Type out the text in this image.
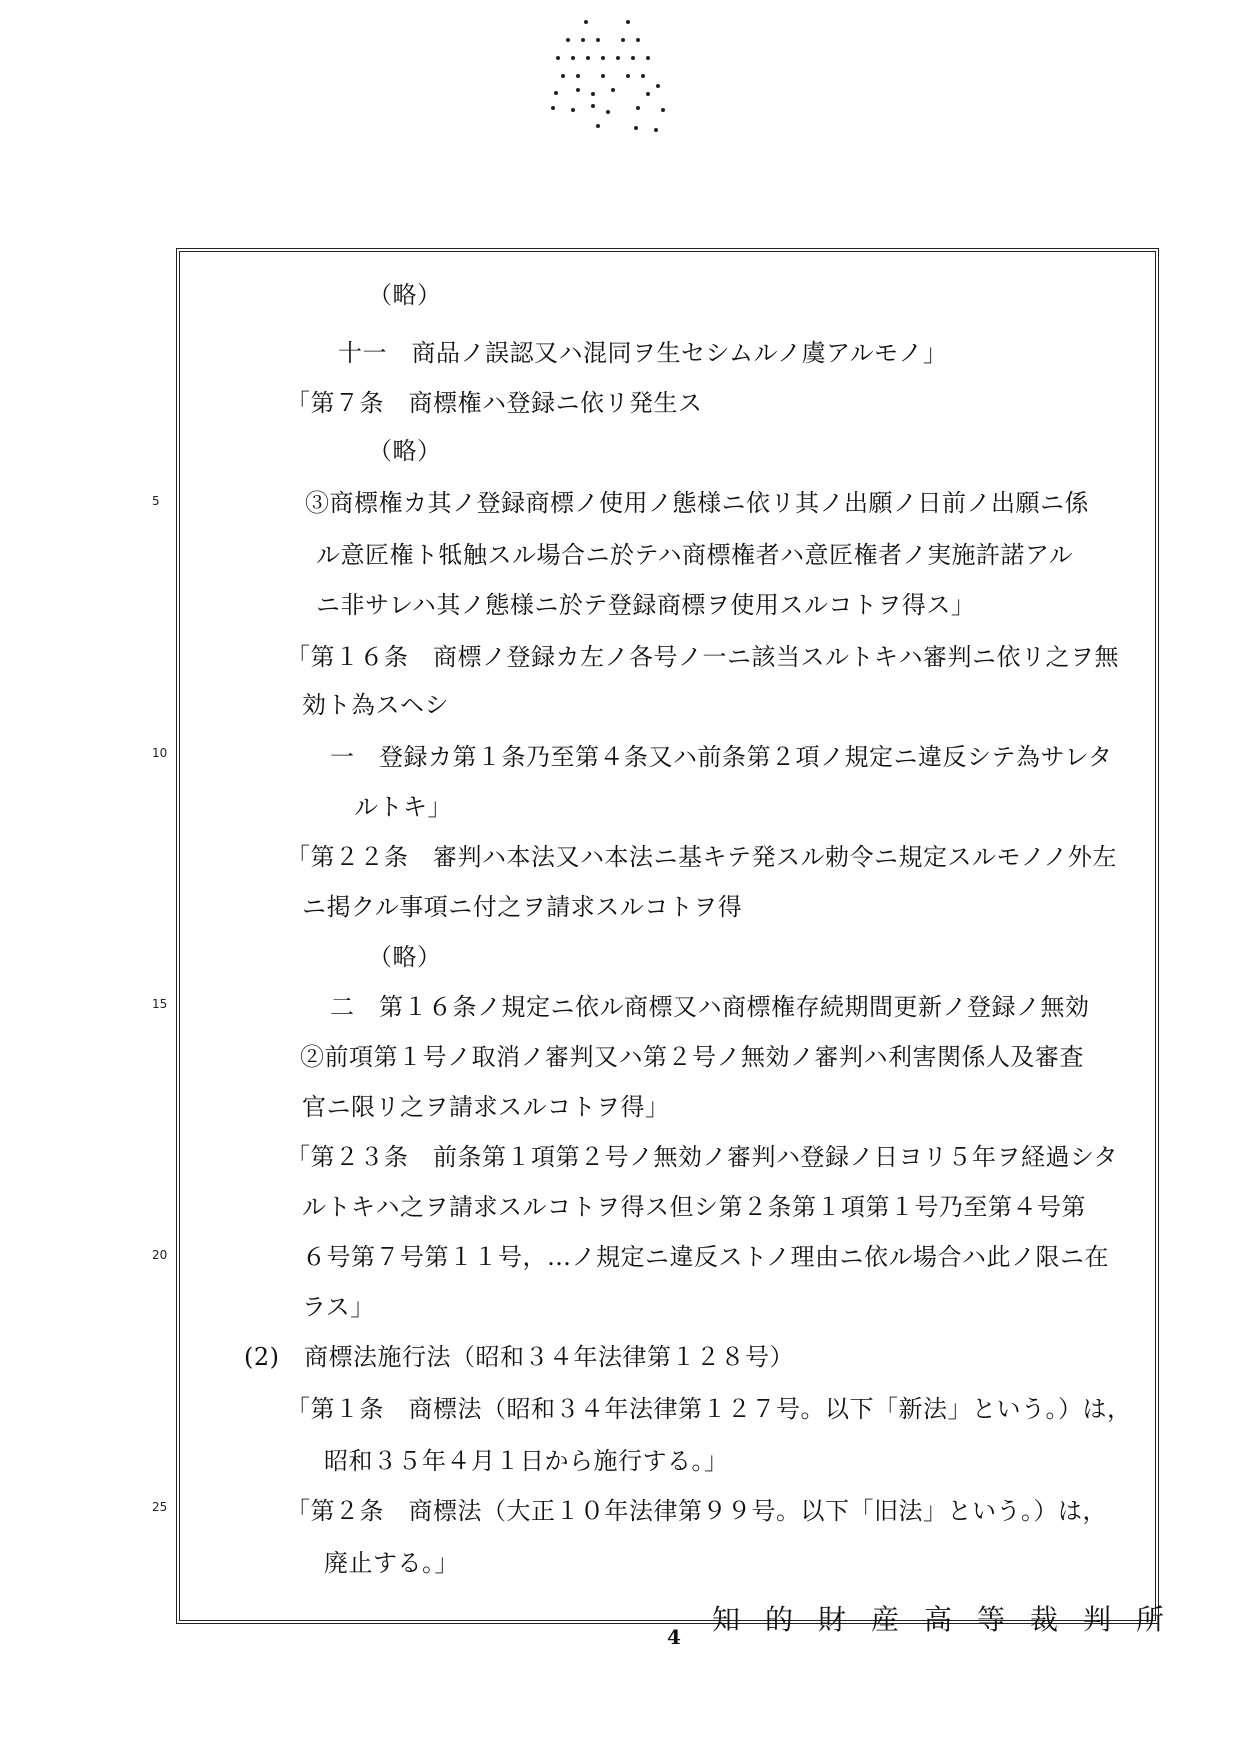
（略）
十一　商品ノ誤認又ハ混同ヲ生セシムルノ虞アルモノ」
「第７条　商標権ハ登録ニ依リ発生ス
（略）
③商標権カ其ノ登録商標ノ使用ノ態様ニ依リ其ノ出願ノ日前ノ出願ニ係
ル意匠権ト牴触スル場合ニ於テハ商標権者ハ意匠権者ノ実施許諾アル
ニ非サレハ其ノ態様ニ於テ登録商標ヲ使用スルコトヲ得ス」
「第１６条　商標ノ登録カ左ノ各号ノ一ニ該当スルトキハ審判ニ依リ之ヲ無
効ト為スヘシ
一　登録カ第１条乃至第４条又ハ前条第２項ノ規定ニ違反シテ為サレタ
ルトキ」
「第２２条　審判ハ本法又ハ本法ニ基キテ発スル勅令ニ規定スルモノノ外左
ニ掲クル事項ニ付之ヲ請求スルコトヲ得
（略）
二　第１６条ノ規定ニ依ル商標又ハ商標権存続期間更新ノ登録ノ無効
②前項第１号ノ取消ノ審判又ハ第２号ノ無効ノ審判ハ利害関係人及審査
官ニ限リ之ヲ請求スルコトヲ得」
「第２３条　前条第１項第２号ノ無効ノ審判ハ登録ノ日ヨリ５年ヲ経過シタ
ルトキハ之ヲ請求スルコトヲ得ス但シ第２条第１項第１号乃至第４号第
６号第７号第１１号，…ノ規定ニ違反ストノ理由ニ依ル場合ハ此ノ限ニ在
ラス」
(2)　商標法施行法（昭和３４年法律第１２８号）
「第１条　商標法（昭和３４年法律第１２７号。以下「新法」という。）は，
昭和３５年４月１日から施行する。」
「第２条　商標法（大正１０年法律第９９号。以下「旧法」という。）は，
廃止する。」
5
10
15
20
25
知的財産高等裁判所
4
